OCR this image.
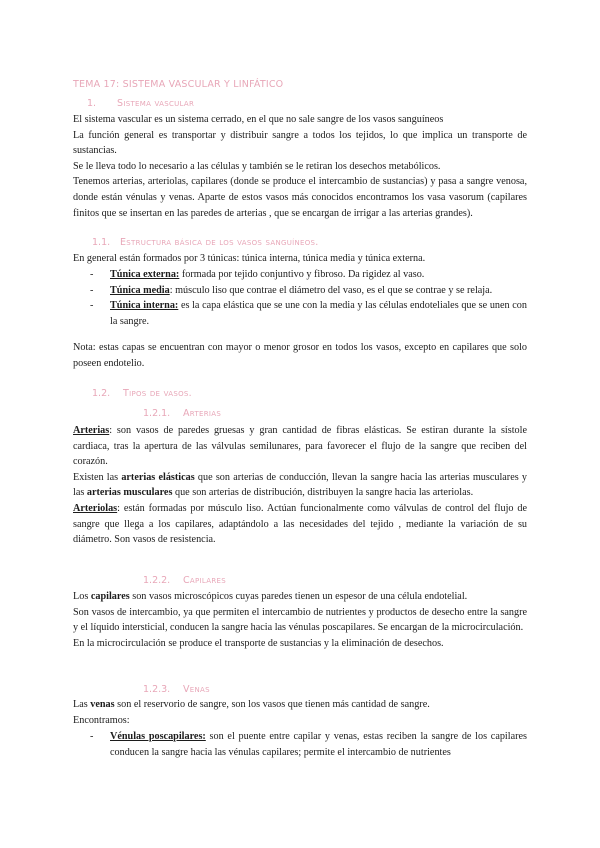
TEMA 17: SISTEMA VASCULAR Y LINFÁTICO
1. Sistema vascular

El sistema vascular es un sistema cerrado, en el que no sale sangre de los vasos sanguíneos

La función general es transportar y distribuir sangre a todos los tejidos, lo que implica un transporte de sustancias.

Se le lleva todo lo necesario a las células y también se le retiran los desechos metabólicos.

Tenemos arterias, arteriolas, capilares (donde se produce el intercambio de sustancias) y pasa a sangre venosa, donde están vénulas y venas. Aparte de estos vasos más conocidos encontramos los vasa vasorum (capilares finitos que se insertan en las paredes de arterias , que se encargan de irrigar a las arterias grandes).

1.1. Estructura básica de los vasos sanguíneos.

En general están formados por 3 túnicas: túnica interna, túnica media y túnica externa.

- Túnica externa: formada por tejido conjuntivo y fibroso. Da rigidez al vaso.
- Túnica media: músculo liso que contrae el diámetro del vaso, es el que se contrae y se relaja.
- Túnica interna: es la capa elástica que se une con la media y las células endoteliales que se unen con la sangre.

Nota: estas capas se encuentran con mayor o menor grosor en todos los vasos, excepto en capilares que solo poseen endotelio.

1.2. Tipos de vasos.
1.2.1. Arterias

Arterias: son vasos de paredes gruesas y gran cantidad de fibras elásticas. Se estiran durante la sístole cardiaca, tras la apertura de las válvulas semilunares, para favorecer el flujo de la sangre que reciben del corazón.

Existen las arterias elásticas que son arterias de conducción, llevan la sangre hacia las arterias musculares y las arterias musculares que son arterias de distribución, distribuyen la sangre hacia las arteriolas.

Arteriolas: están formadas por músculo liso. Actúan funcionalmente como válvulas de control del flujo de sangre que llega a los capilares, adaptándolo a las necesidades del tejido , mediante la variación de su diámetro. Son vasos de resistencia.

1.2.2. Capilares

Los capilares son vasos microscópicos cuyas paredes tienen un espesor de una célula endotelial.

Son vasos de intercambio, ya que permiten el intercambio de nutrientes y productos de desecho entre la sangre y el líquido intersticial, conducen la sangre hacia las vénulas poscapilares. Se encargan de la microcirculación.

En la microcirculación se produce el transporte de sustancias y la eliminación de desechos.

1.2.3. Venas

Las venas son el reservorio de sangre, son los vasos que tienen más cantidad de sangre.

Encontramos:

- Vénulas poscapilares: son el puente entre capilar y venas, estas reciben la sangre de los capilares conducen la sangre hacia las vénulas capilares; permite el intercambio de nutrientes
